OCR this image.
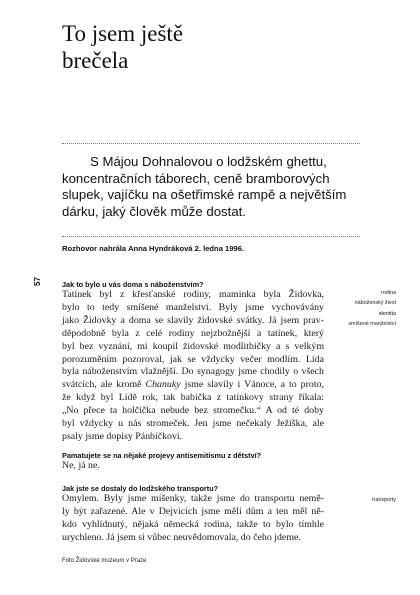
To jsem ještě
brečela

S Májou Dohnalovou o lodžském ghettu, koncentračních táborech, ceně bramborových slupek, vajíčku na ošetřimské rampě a největším dárku, jaký člověk může dostat.

Rozhovor nahrála Anna Hyndráková 2. ledna 1996.

57	Jak to bylo u vás doma s náboženstvím?

Tatínek byl z křesťanské rodiny, maminka byla Židovka,
bylo to tedy smíšené manželství. Byly jsme vychovávány
jako Židovky a doma se slavily židovské svátky. Já jsem prav-
děpodobně byla z celé rodiny nejzbožnější a tatínek, který
byl bez vyznání, mi koupil židovské modlitbičky a s velkým
porozuměním pozoroval, jak se vždycky večer modlím. Lída
byla náboženstvím vlažnější. Do synagogy jsme chodily o všech
svátcích, ale kromě Chanuky jsme slavily i Vánoce, a to proto,
že když byl Lídě rok, tak babička z tatínkovy strany říkala:
„No přece ta holčička nebude bez stromečku.“ A od té doby
byl vždycky u nás stromeček. Jen jsme nečekaly Ježíška, ale
psaly jsme dopisy Pánbíčkovi.
rodina
náboženský život
identita
smíšené manželství

Pamatujete se na nějaké projevy antisemitismu z dětství?

Ne, já ne.

Jak jste se dostaly do lodžského transportu?

Omylem. Byly jsme míšenky, takže jsme do transportu nemě-
ly být zařazené. Ale v Dejvicích jsme měli dům a ten měl ně-
kdo vyhlídnutý, nějaká německá rodina, takže to bylo tímhle
urychleno. Já jsem si vůbec neuvědomovala, do čeho jdeme.
transporty

Foto Židovské muzeum v Praze
